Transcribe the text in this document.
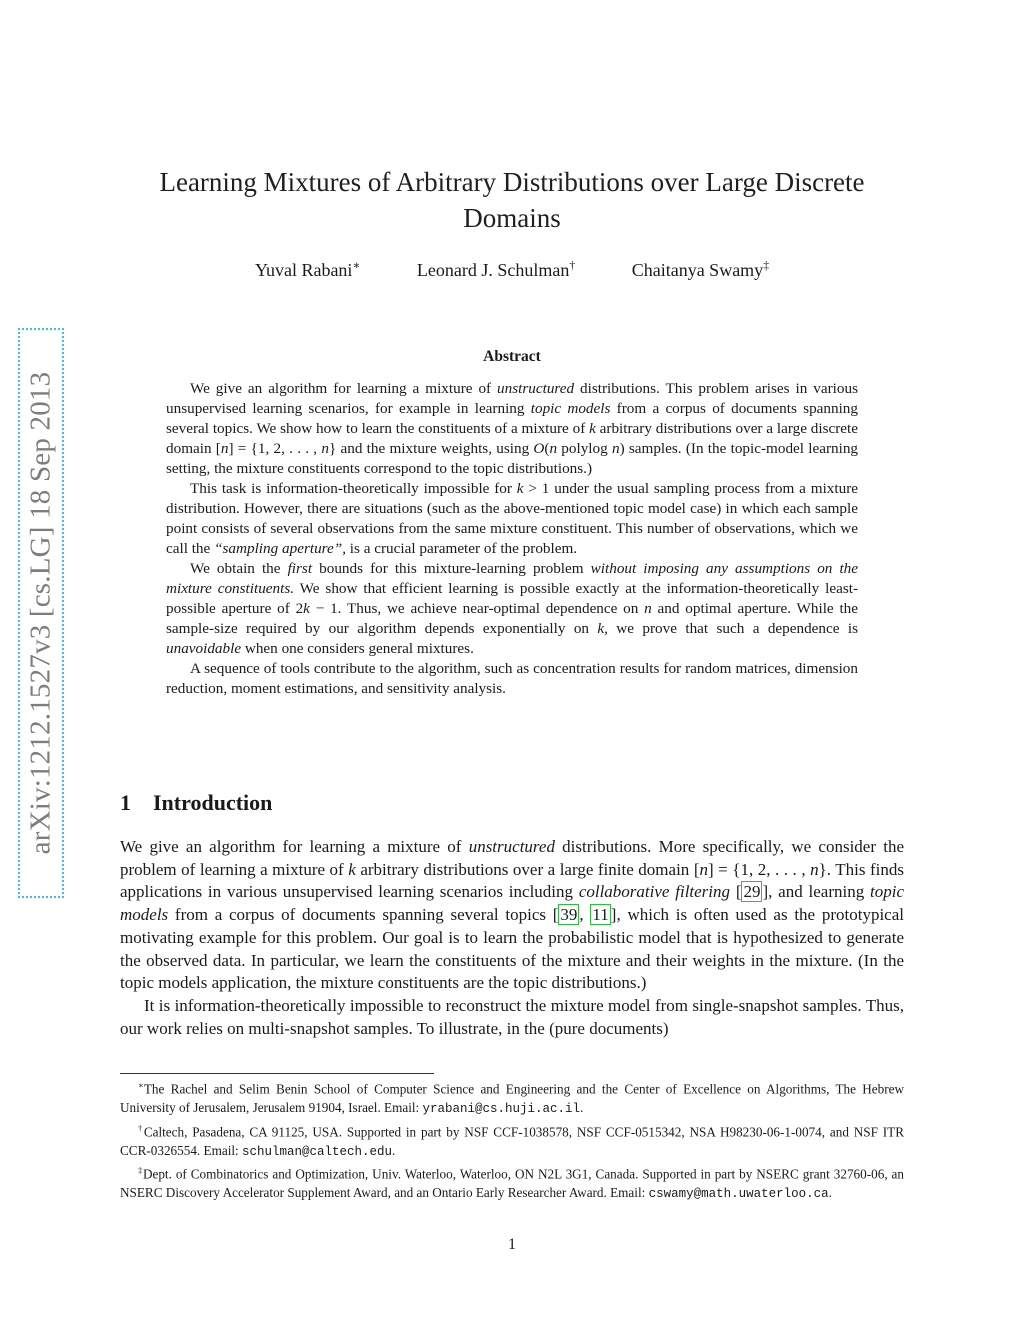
arXiv:1212.1527v3 [cs.LG] 18 Sep 2013
Learning Mixtures of Arbitrary Distributions over Large Discrete
Domains
Yuval Rabani∗	Leonard J. Schulman†	Chaitanya Swamy‡
Abstract

We give an algorithm for learning a mixture of unstructured distributions. This problem arises in various unsupervised learning scenarios, for example in learning topic models from a corpus of documents spanning several topics. We show how to learn the constituents of a mixture of k arbitrary distributions over a large discrete domain [n] = {1, 2, . . . , n} and the mixture weights, using O(n polylog n) samples. (In the topic-model learning setting, the mixture constituents correspond to the topic distributions.)

This task is information-theoretically impossible for k > 1 under the usual sampling process from a mixture distribution. However, there are situations (such as the above-mentioned topic model case) in which each sample point consists of several observations from the same mixture constituent. This number of observations, which we call the “sampling aperture”, is a crucial parameter of the problem.

We obtain the first bounds for this mixture-learning problem without imposing any assumptions on the mixture constituents. We show that efficient learning is possible exactly at the information-theoretically least-possible aperture of 2k − 1. Thus, we achieve near-optimal dependence on n and optimal aperture. While the sample-size required by our algorithm depends exponentially on k, we prove that such a dependence is unavoidable when one considers general mixtures.

A sequence of tools contribute to the algorithm, such as concentration results for random matrices, dimension reduction, moment estimations, and sensitivity analysis.

1 Introduction

We give an algorithm for learning a mixture of unstructured distributions. More specifically, we consider the problem of learning a mixture of k arbitrary distributions over a large finite domain [n] = {1, 2, . . . , n}. This finds applications in various unsupervised learning scenarios including collaborative filtering [ 29 ], and learning topic models from a corpus of documents spanning several topics [ 39 , 11 ], which is often used as the prototypical motivating example for this problem. Our goal is to learn the probabilistic model that is hypothesized to generate the observed data. In particular, we learn the constituents of the mixture and their weights in the mixture. (In the topic models application, the mixture constituents are the topic distributions.)

It is information-theoretically impossible to reconstruct the mixture model from single-snapshot samples. Thus, our work relies on multi-snapshot samples. To illustrate, in the (pure documents)

∗The Rachel and Selim Benin School of Computer Science and Engineering and the Center of Excellence on Algorithms, The Hebrew University of Jerusalem, Jerusalem 91904, Israel. Email: yrabani@cs.huji.ac.il.

†Caltech, Pasadena, CA 91125, USA. Supported in part by NSF CCF-1038578, NSF CCF-0515342, NSA H98230-06-1-0074, and NSF ITR CCR-0326554. Email: schulman@caltech.edu.

‡Dept. of Combinatorics and Optimization, Univ. Waterloo, Waterloo, ON N2L 3G1, Canada. Supported in part by NSERC grant 32760-06, an NSERC Discovery Accelerator Supplement Award, and an Ontario Early Researcher Award. Email: cswamy@math.uwaterloo.ca.

1
